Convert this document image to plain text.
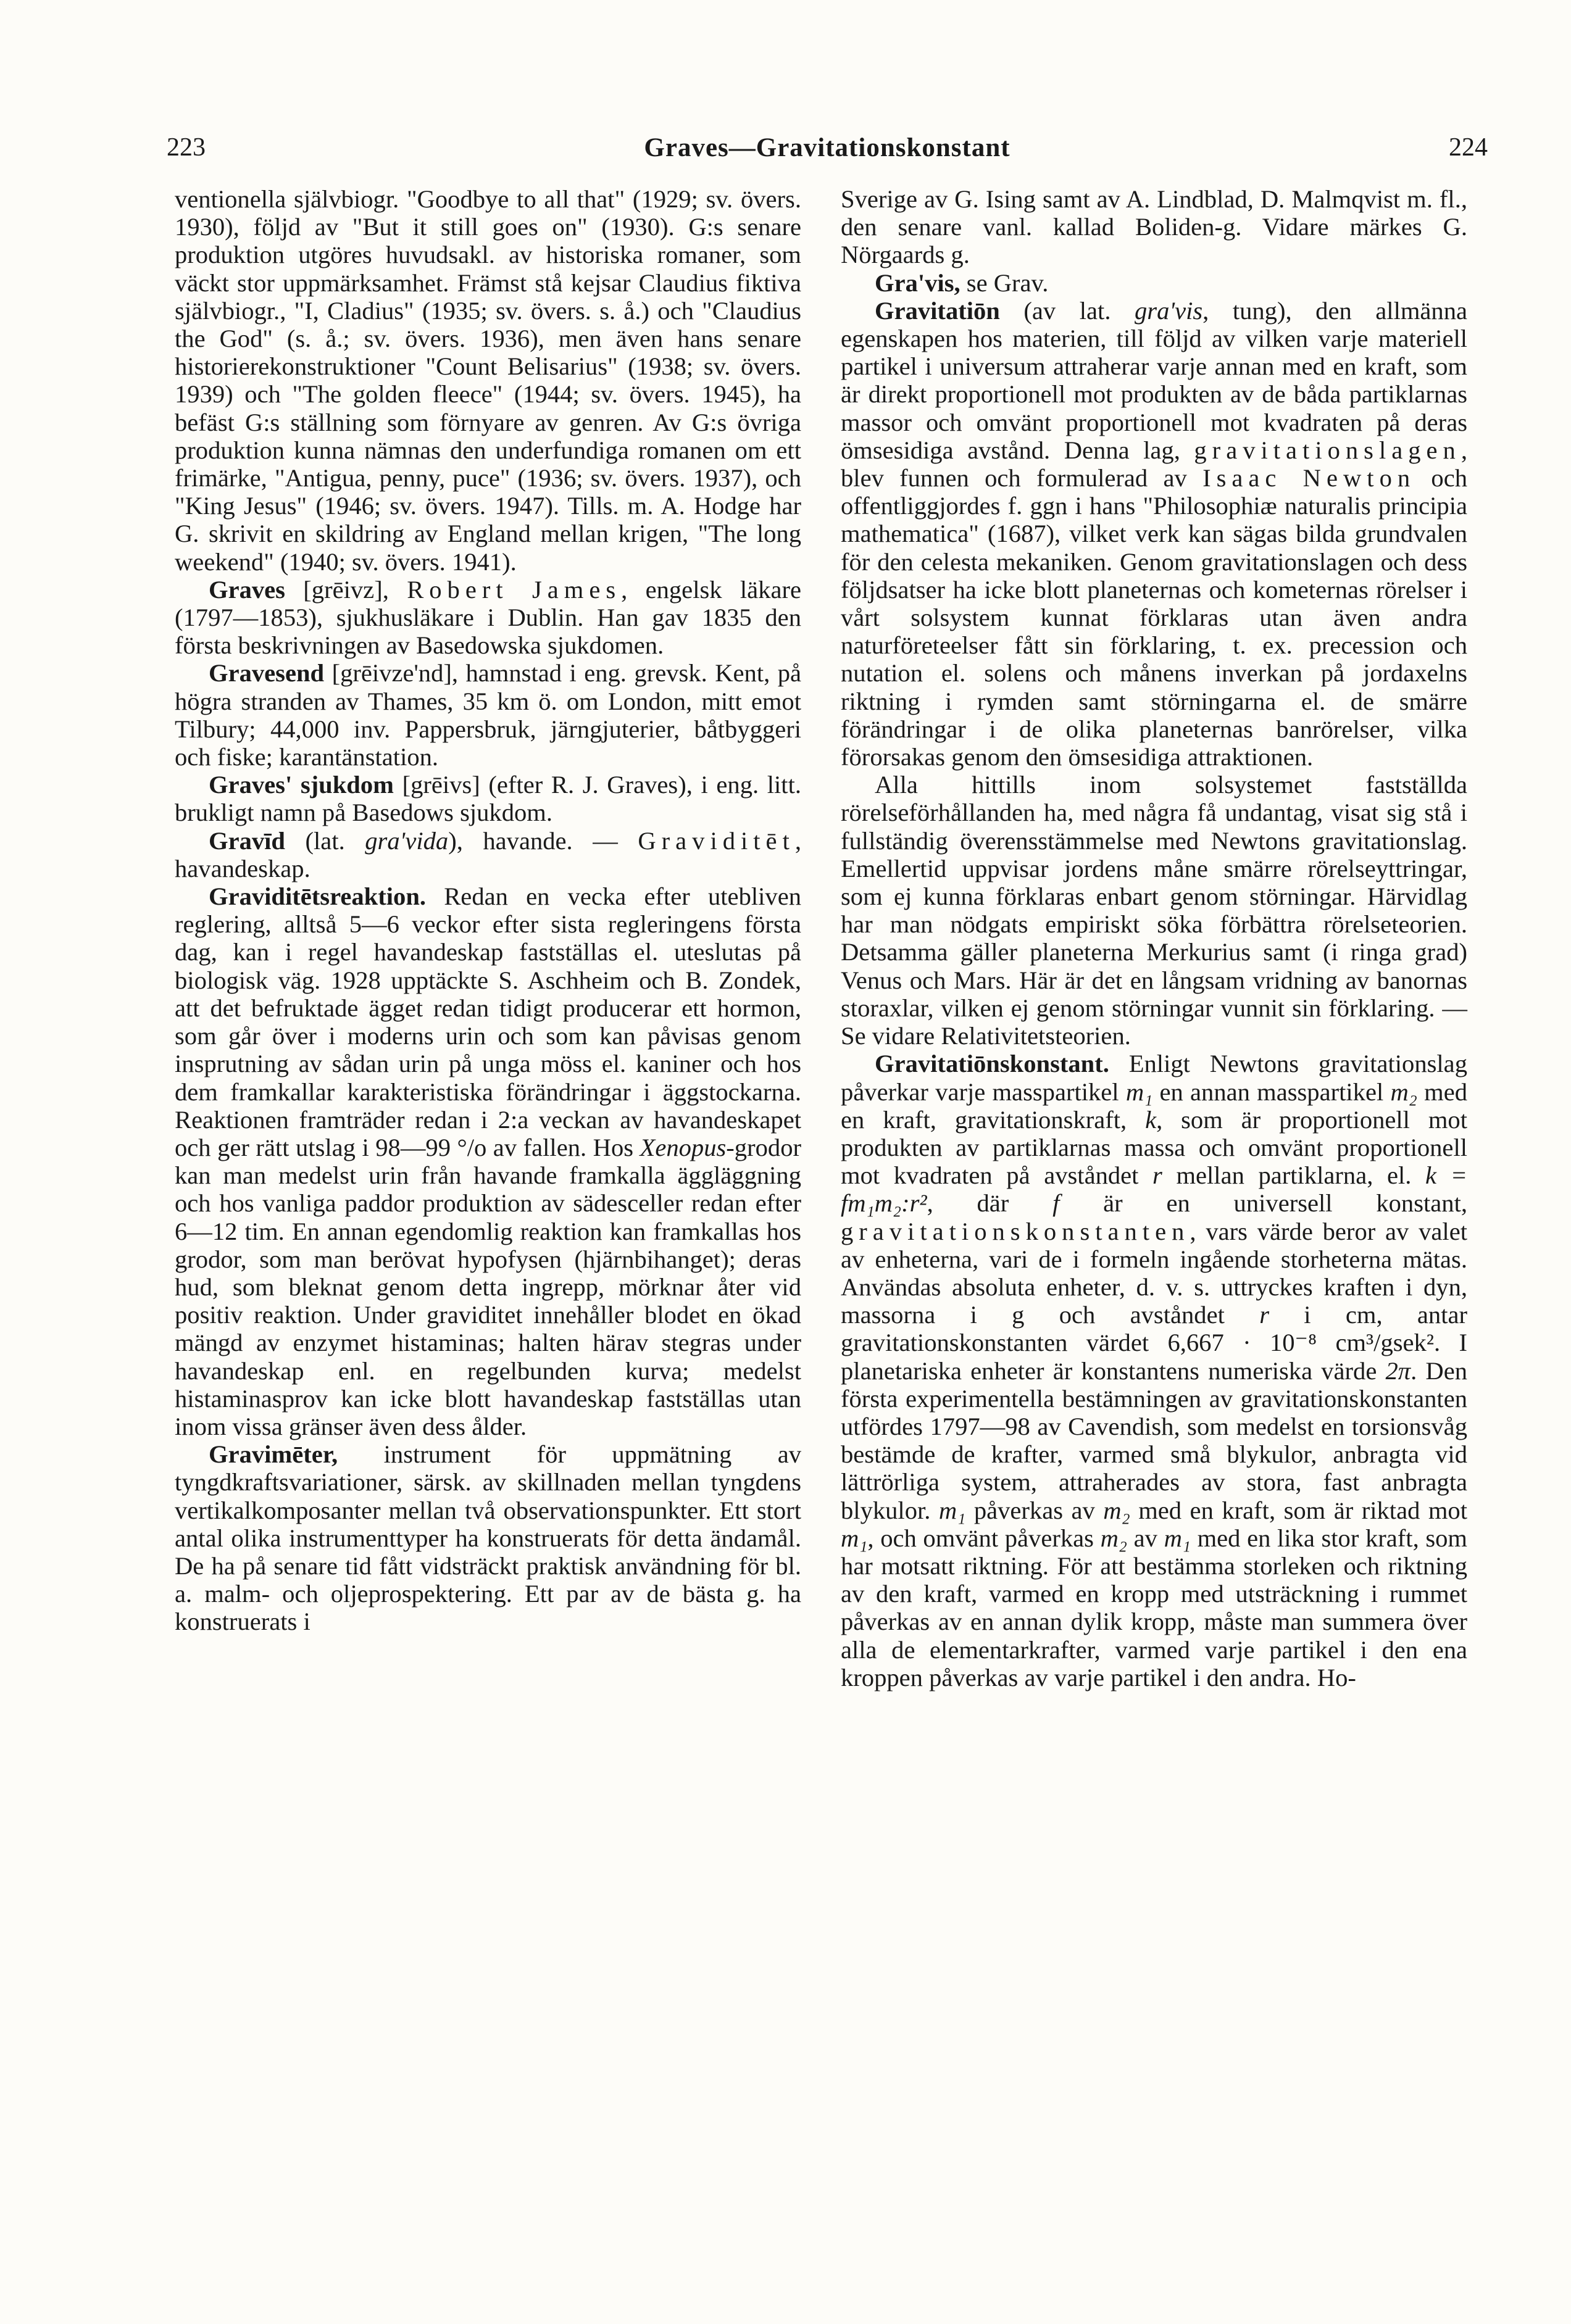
223	Graves—Gravitationskonstant	224

ventionella självbiogr. "Goodbye to all that" (1929; sv. övers. 1930), följd av "But it still goes on" (1930). G:s senare produktion utgöres huvudsakl. av historiska romaner, som väckt stor uppmärksamhet. Främst stå kejsar Claudius fiktiva självbiogr., "I, Cladius" (1935; sv. övers. s. å.) och "Claudius the God" (s. å.; sv. övers. 1936), men även hans senare historierekonstruktioner "Count Belisarius" (1938; sv. övers. 1939) och "The golden fleece" (1944; sv. övers. 1945), ha befäst G:s ställning som förnyare av genren. Av G:s övriga produktion kunna nämnas den underfundiga romanen om ett frimärke, "Antigua, penny, puce" (1936; sv. övers. 1937), och "King Jesus" (1946; sv. övers. 1947). Tills. m. A. Hodge har G. skrivit en skildring av England mellan krigen, "The long weekend" (1940; sv. övers. 1941).

Graves [grēivz], Robert James, engelsk läkare (1797—1853), sjukhusläkare i Dublin. Han gav 1835 den första beskrivningen av Basedowska sjukdomen.

Gravesend [grēivze'nd], hamnstad i eng. grevsk. Kent, på högra stranden av Thames, 35 km ö. om London, mitt emot Tilbury; 44,000 inv. Pappersbruk, järngjuterier, båtbyggeri och fiske; karantänstation.

Graves' sjukdom [grēivs] (efter R. J. Graves), i eng. litt. brukligt namn på Basedows sjukdom.

Gravīd (lat. gra'vida), havande. — Graviditēt, havandeskap.

Graviditētsreaktion. Redan en vecka efter utebliven reglering, alltså 5—6 veckor efter sista regleringens första dag, kan i regel havandeskap fastställas el. uteslutas på biologisk väg. 1928 upptäckte S. Aschheim och B. Zondek, att det befruktade ägget redan tidigt producerar ett hormon, som går över i moderns urin och som kan påvisas genom insprutning av sådan urin på unga möss el. kaniner och hos dem framkallar karakteristiska förändringar i äggstockarna. Reaktionen framträder redan i 2:a veckan av havandeskapet och ger rätt utslag i 98—99 °/o av fallen. Hos Xenopus-grodor kan man medelst urin från havande framkalla äggläggning och hos vanliga paddor produktion av sädesceller redan efter 6—12 tim. En annan egendomlig reaktion kan framkallas hos grodor, som man berövat hypofysen (hjärnbihanget); deras hud, som bleknat genom detta ingrepp, mörknar åter vid positiv reaktion. Under graviditet innehåller blodet en ökad mängd av enzymet histaminas; halten härav stegras under havandeskap enl. en regelbunden kurva; medelst histaminasprov kan icke blott havandeskap fastställas utan inom vissa gränser även dess ålder.

Gravimēter, instrument för uppmätning av tyngdkraftsvariationer, särsk. av skillnaden mellan tyngdens vertikalkomposanter mellan två observationspunkter. Ett stort antal olika instrumenttyper ha konstruerats för detta ändamål. De ha på senare tid fått vidsträckt praktisk användning för bl. a. malm- och oljeprospektering. Ett par av de bästa g. ha konstruerats i

Sverige av G. Ising samt av A. Lindblad, D. Malmqvist m. fl., den senare vanl. kallad Boliden-g. Vidare märkes G. Nörgaards g.

Gra'vis, se Grav.

Gravitatiōn (av lat. gra'vis, tung), den allmänna egenskapen hos materien, till följd av vilken varje materiell partikel i universum attraherar varje annan med en kraft, som är direkt proportionell mot produkten av de båda partiklarnas massor och omvänt proportionell mot kvadraten på deras ömsesidiga avstånd. Denna lag, gravitationslagen, blev funnen och formulerad av Isaac Newton och offentliggjordes f. ggn i hans "Philosophiæ naturalis principia mathematica" (1687), vilket verk kan sägas bilda grundvalen för den celesta mekaniken. Genom gravitationslagen och dess följdsatser ha icke blott planeternas och kometernas rörelser i vårt solsystem kunnat förklaras utan även andra naturföreteelser fått sin förklaring, t. ex. precession och nutation el. solens och månens inverkan på jordaxelns riktning i rymden samt störningarna el. de smärre förändringar i de olika planeternas banrörelser, vilka förorsakas genom den ömsesidiga attraktionen.

Alla hittills inom solsystemet fastställda rörelseförhållanden ha, med några få undantag, visat sig stå i fullständig överensstämmelse med Newtons gravitationslag. Emellertid uppvisar jordens måne smärre rörelseyttringar, som ej kunna förklaras enbart genom störningar. Härvidlag har man nödgats empiriskt söka förbättra rörelseteorien. Detsamma gäller planeterna Merkurius samt (i ringa grad) Venus och Mars. Här är det en långsam vridning av banornas storaxlar, vilken ej genom störningar vunnit sin förklaring. — Se vidare Relativitetsteorien.

Gravitatiōnskonstant. Enligt Newtons gravitationslag påverkar varje masspartikel m₁ en annan masspartikel m₂ med en kraft, gravitationskraft, k, som är proportionell mot produkten av partiklarnas massa och omvänt proportionell mot kvadraten på avståndet r mellan partiklarna, el. k = fm₁m₂:r², där f är en universell konstant, gravitationskonstanten, vars värde beror av valet av enheterna, vari de i formeln ingående storheterna mätas. Användas absoluta enheter, d. v. s. uttryckes kraften i dyn, massorna i g och avståndet r i cm, antar gravitationskonstanten värdet 6,667 · 10⁻⁸ cm³/gsek². I planetariska enheter är konstantens numeriska värde 2π. Den första experimentella bestämningen av gravitationskonstanten utfördes 1797—98 av Cavendish, som medelst en torsionsvåg bestämde de krafter, varmed små blykulor, anbragta vid lättrörliga system, attraherades av stora, fast anbragta blykulor. m₁ påverkas av m₂ med en kraft, som är riktad mot m₁, och omvänt påverkas m₂ av m₁ med en lika stor kraft, som har motsatt riktning. För att bestämma storleken och riktning av den kraft, varmed en kropp med utsträckning i rummet påverkas av en annan dylik kropp, måste man summera över alla de elementarkrafter, varmed varje partikel i den ena kroppen påverkas av varje partikel i den andra. Ho-
